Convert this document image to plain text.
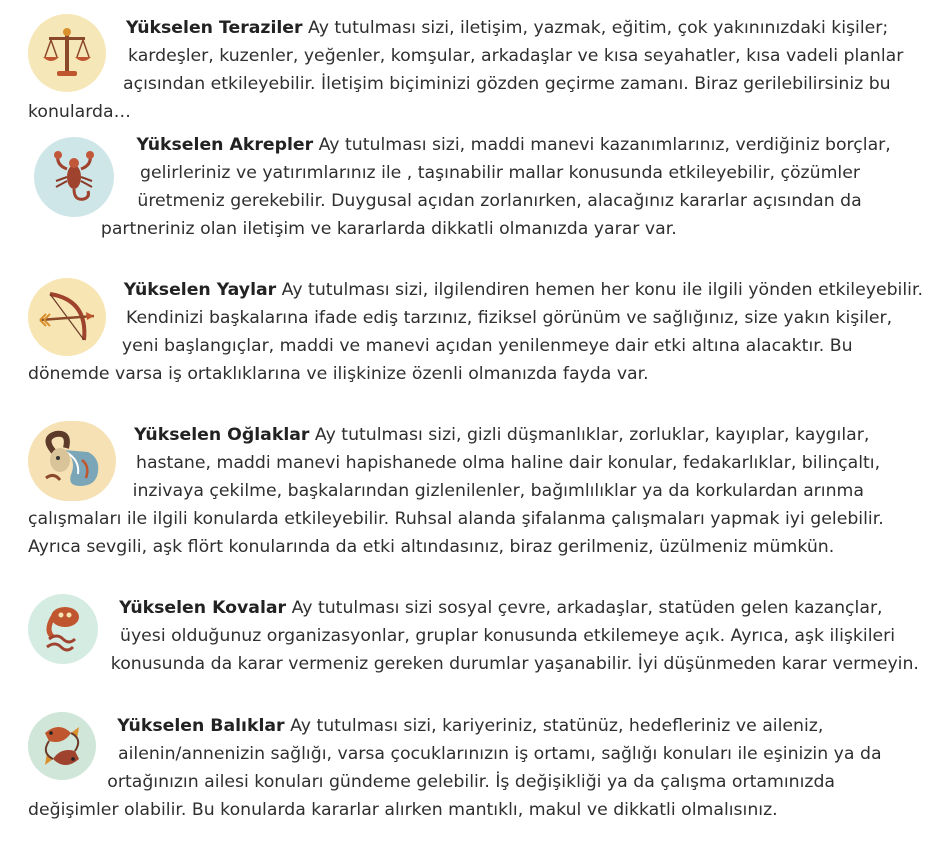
Yükselen Teraziler Ay tutulması sizi, iletişim, yazmak, eğitim, çok yakınınızdaki kişiler; kardeşler, kuzenler, yeğenler, komşular, arkadaşlar ve kısa seyahatler, kısa vadeli planlar açısından etkileyebilir. İletişim biçiminizi gözden geçirme zamanı. Biraz gerilebilirsiniz bu konularda…

Yükselen Akrepler Ay tutulması sizi, maddi manevi kazanımlarınız, verdiğiniz borçlar, gelirleriniz ve yatırımlarınız ile , taşınabilir mallar konusunda etkileyebilir, çözümler üretmeniz gerekebilir. Duygusal açıdan zorlanırken, alacağınız kararlar açısından da partneriniz olan iletişim ve kararlarda dikkatli olmanızda yarar var.

Yükselen Yaylar Ay tutulması sizi, ilgilendiren hemen her konu ile ilgili yönden etkileyebilir. Kendinizi başkalarına ifade ediş tarzınız, fiziksel görünüm ve sağlığınız, size yakın kişiler, yeni başlangıçlar, maddi ve manevi açıdan yenilenmeye dair etki altına alacaktır. Bu dönemde varsa iş ortaklıklarına ve ilişkinize özenli olmanızda fayda var.

Yükselen Oğlaklar Ay tutulması sizi, gizli düşmanlıklar, zorluklar, kayıplar, kaygılar, hastane, maddi manevi hapishanede olma haline dair konular, fedakarlıklar, bilinçaltı, inzivaya çekilme, başkalarından gizlenilenler, bağımlılıklar ya da korkulardan arınma çalışmaları ile ilgili konularda etkileyebilir. Ruhsal alanda şifalanma çalışmaları yapmak iyi gelebilir. Ayrıca sevgili, aşk flört konularında da etki altındasınız, biraz gerilmeniz, üzülmeniz mümkün.

Yükselen Kovalar Ay tutulması sizi sosyal çevre, arkadaşlar, statüden gelen kazançlar, üyesi olduğunuz organizasyonlar, gruplar konusunda etkilemeye açık. Ayrıca, aşk ilişkileri konusunda da karar vermeniz gereken durumlar yaşanabilir. İyi düşünmeden karar vermeyin.

Yükselen Balıklar Ay tutulması sizi, kariyeriniz, statünüz, hedefleriniz ve aileniz, ailenin/annenizin sağlığı, varsa çocuklarınızın iş ortamı, sağlığı konuları ile eşinizin ya da ortağınızın ailesi konuları gündeme gelebilir. İş değişikliği ya da çalışma ortamınızda değişimler olabilir. Bu konularda kararlar alırken mantıklı, makul ve dikkatli olmalısınız.
